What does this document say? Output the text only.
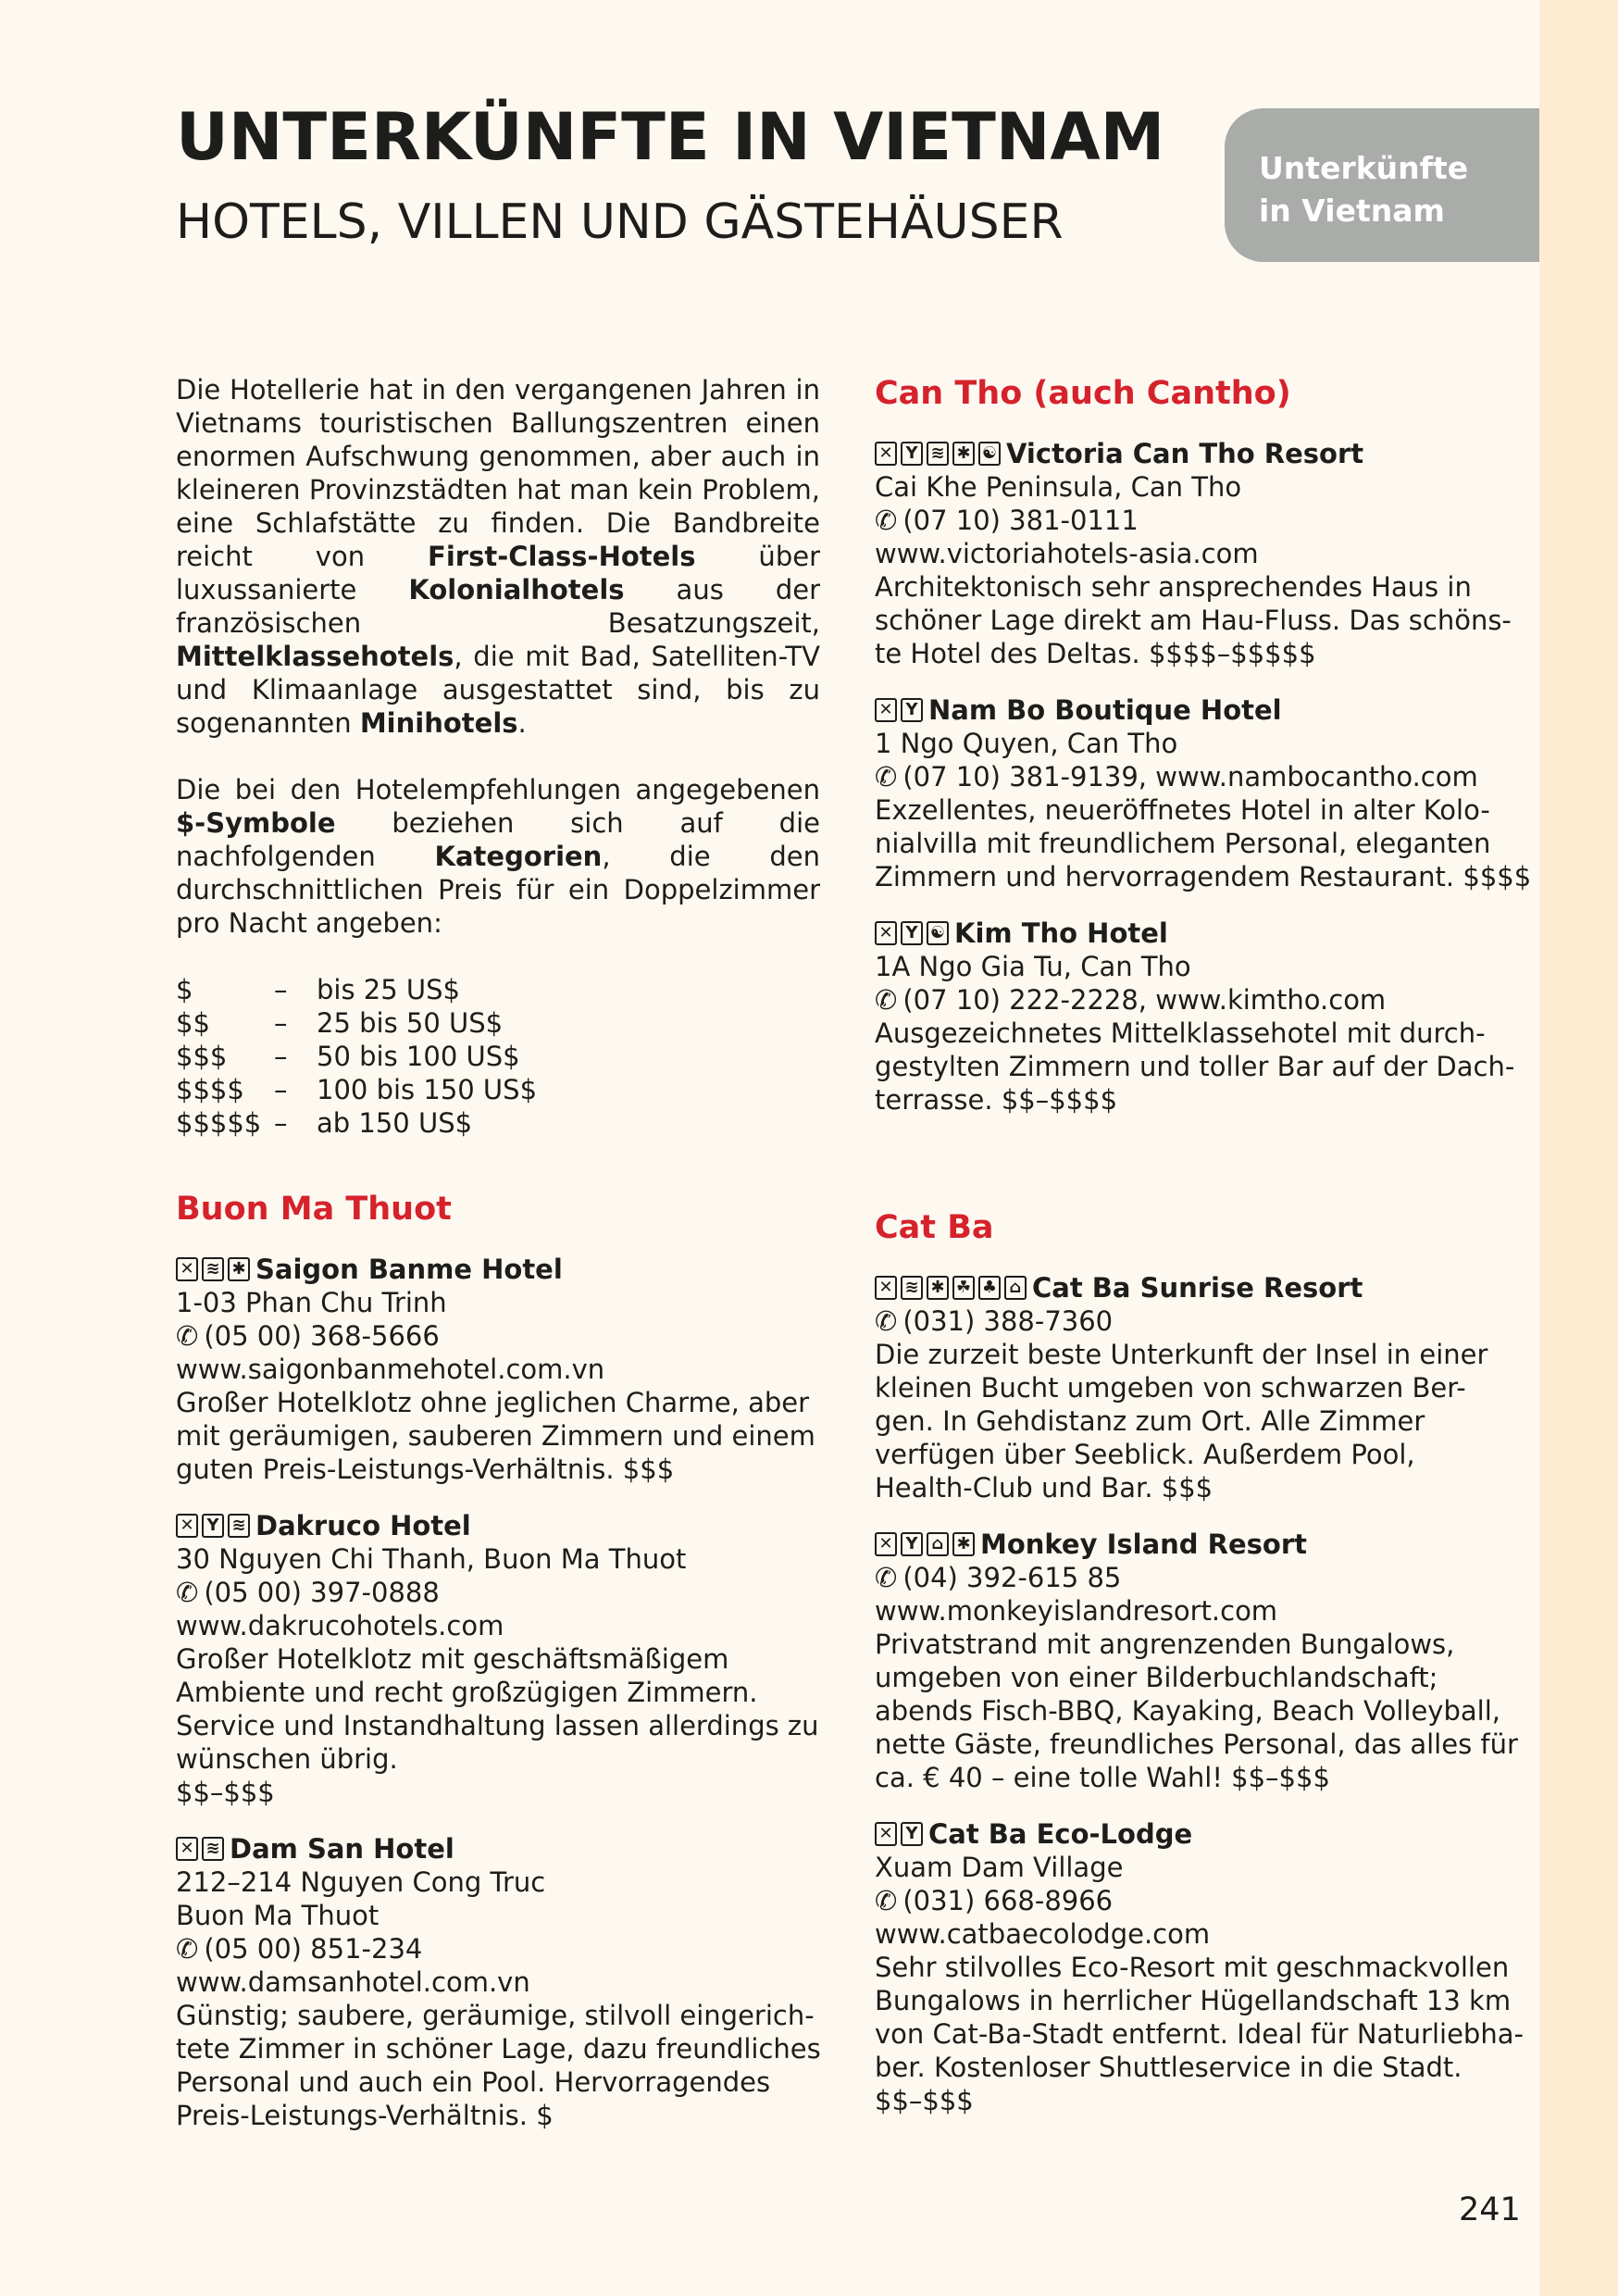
Unterkünfte
in Vietnam
UNTERKÜNFTE IN VIETNAM
HOTELS, VILLEN UND GÄSTEHÄUSER

Die Hotellerie hat in den vergangenen Jahren in Vietnams touristischen Ballungszentren einen enormen Aufschwung genommen, aber auch in kleineren Provinzstädten hat man kein Problem, eine Schlafstätte zu finden. Die Bandbreite reicht von First-Class-Hotels über luxussanierte Kolonialhotels aus der französischen Besatzungszeit, Mittelklassehotels, die mit Bad, Satelliten-TV und Klimaanlage ausgestattet sind, bis zu sogenannten Minihotels.

Die bei den Hotelempfehlungen angegebenen $-Symbole beziehen sich auf die nachfolgenden Kategorien, die den durchschnittlichen Preis für ein Doppelzimmer pro Nacht angeben:

$	–	bis 25 US$
$$	–	25 bis 50 US$
$$$	–	50 bis 100 US$
$$$$	–	100 bis 150 US$
$$$$$ –	ab 150 US$
Buon Ma Thuot
✕ ≋ ✱ Saigon Banme Hotel
1-03 Phan Chu Trinh
✆ (05 00) 368-5666
www.saigonbanmehotel.com.vn
Großer Hotelklotz ohne jeglichen Charme, aber
mit geräumigen, sauberen Zimmern und einem
guten Preis-Leistungs-Verhältnis. $$$
✕ Y ≋ Dakruco Hotel
30 Nguyen Chi Thanh, Buon Ma Thuot
✆ (05 00) 397-0888
www.dakrucohotels.com
Großer Hotelklotz mit geschäftsmäßigem
Ambiente und recht großzügigen Zimmern.
Service und Instandhaltung lassen allerdings zu
wünschen übrig.
$$–$$$
✕ ≋ Dam San Hotel
212–214 Nguyen Cong Truc
Buon Ma Thuot
✆ (05 00) 851-234
www.damsanhotel.com.vn
Günstig; saubere, geräumige, stilvoll eingerich-
tete Zimmer in schöner Lage, dazu freundliches
Personal und auch ein Pool. Hervorragendes
Preis-Leistungs-Verhältnis. $
Can Tho (auch Cantho)
✕ Y ≋ ✱ ☯ Victoria Can Tho Resort
Cai Khe Peninsula, Can Tho
✆ (07 10) 381-0111
www.victoriahotels-asia.com
Architektonisch sehr ansprechendes Haus in
schöner Lage direkt am Hau-Fluss. Das schöns-
te Hotel des Deltas. $$$$–$$$$$
✕ Y Nam Bo Boutique Hotel
1 Ngo Quyen, Can Tho
✆ (07 10) 381-9139, www.nambocantho.com
Exzellentes, neueröffnetes Hotel in alter Kolo-
nialvilla mit freundlichem Personal, eleganten
Zimmern und hervorragendem Restaurant. $$$$
✕ Y ☯ Kim Tho Hotel
1A Ngo Gia Tu, Can Tho
✆ (07 10) 222-2228, www.kimtho.com
Ausgezeichnetes Mittelklassehotel mit durch-
gestylten Zimmern und toller Bar auf der Dach-
terrasse. $$–$$$$
Cat Ba
✕ ≋ ✱ ☘ ♣ ⌂ Cat Ba Sunrise Resort
✆ (031) 388-7360
Die zurzeit beste Unterkunft der Insel in einer
kleinen Bucht umgeben von schwarzen Ber-
gen. In Gehdistanz zum Ort. Alle Zimmer
verfügen über Seeblick. Außerdem Pool,
Health-Club und Bar. $$$
✕ Y ⌂ ✱ Monkey Island Resort
✆ (04) 392-615 85
www.monkeyislandresort.com
Privatstrand mit angrenzenden Bungalows,
umgeben von einer Bilderbuchlandschaft;
abends Fisch-BBQ, Kayaking, Beach Volleyball,
nette Gäste, freundliches Personal, das alles für
ca. € 40 – eine tolle Wahl! $$–$$$
✕ Y Cat Ba Eco-Lodge
Xuam Dam Village
✆ (031) 668-8966
www.catbaecolodge.com
Sehr stilvolles Eco-Resort mit geschmackvollen
Bungalows in herrlicher Hügellandschaft 13 km
von Cat-Ba-Stadt entfernt. Ideal für Naturliebha-
ber. Kostenloser Shuttleservice in die Stadt.
$$–$$$
241
